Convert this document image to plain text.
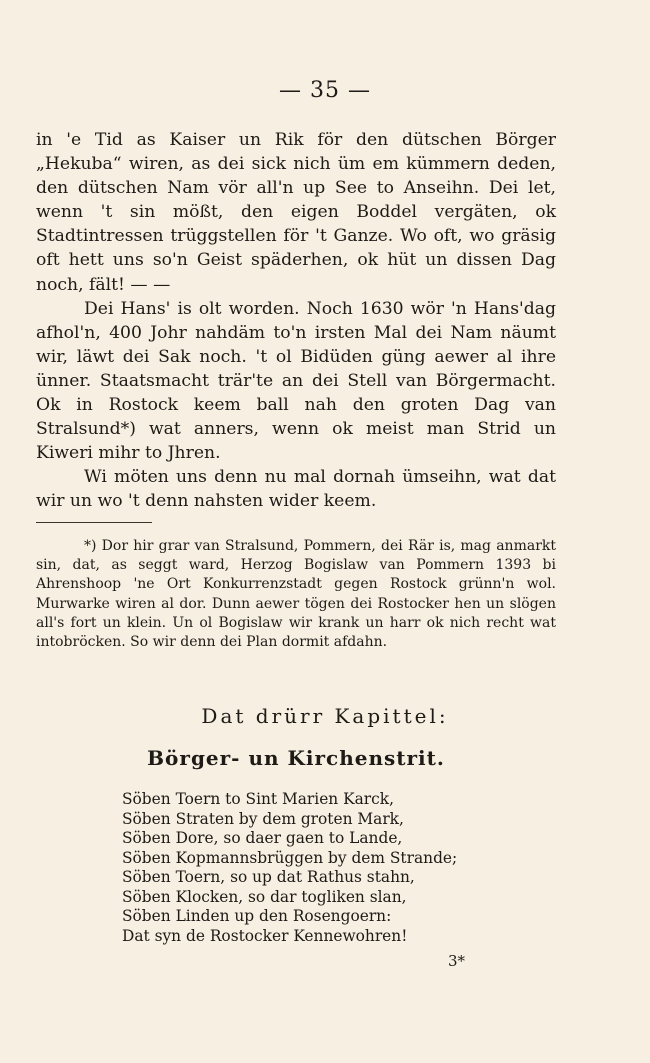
— 35 —

in 'e Tid as Kaiser un Rik för den dütschen Börger „Hekuba“ wiren, as dei sick nich üm em kümmern deden, den dütschen Nam vör all'n up See to Anseihn. Dei let, wenn 't sin mößt, den eigen Boddel vergäten, ok Stadtintressen trüggstellen för 't Ganze. Wo oft, wo gräsig oft hett uns so'n Geist späderhen, ok hüt un dissen Dag noch, fält! — —

Dei Hans' is olt worden. Noch 1630 wör 'n Hans'dag afhol'n, 400 Johr nahdäm to'n irsten Mal dei Nam näumt wir, läwt dei Sak noch. 't ol Bidüden güng aewer al ihre ünner. Staatsmacht trär'te an dei Stell van Börgermacht. Ok in Rostock keem ball nah den groten Dag van Stralsund*) wat anners, wenn ok meist man Strid un Kiweri mihr to Jhren.

Wi möten uns denn nu mal dornah ümseihn, wat dat wir un wo 't denn nahsten wider keem.

*) Dor hir grar van Stralsund, Pommern, dei Rär is, mag anmarkt sin, dat, as seggt ward, Herzog Bogislaw van Pommern 1393 bi Ahrenshoop 'ne Ort Konkurrenzstadt gegen Rostock grünn'n wol. Murwarke wiren al dor. Dunn aewer tögen dei Rostocker hen un slögen all's fort un klein. Un ol Bogislaw wir krank un harr ok nich recht wat intobröcken. So wir denn dei Plan dormit afdahn.

Dat drürr Kapittel:
Börger- un Kirchenstrit.
Söben Toern to Sint Marien Karck,
Söben Straten by dem groten Mark,
Söben Dore, so daer gaen to Lande,
Söben Kopmannsbrüggen by dem Strande;
Söben Toern, so up dat Rathus stahn,
Söben Klocken, so dar togliken slan,
Söben Linden up den Rosengoern:
Dat syn de Rostocker Kennewohren!
3*
